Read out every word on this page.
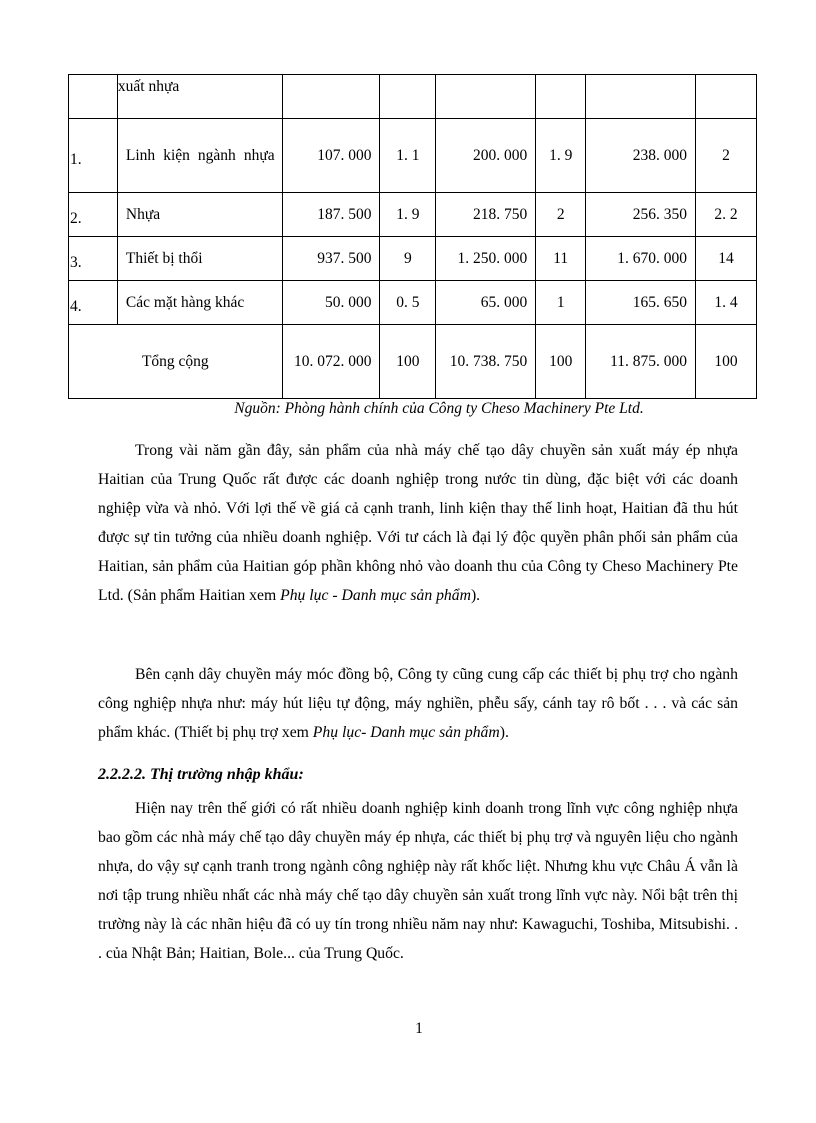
	xuất nhựa						
1.	Linh kiện ngành nhựa	107. 000	1. 1	200. 000	1. 9	238. 000	2
2.	Nhựa	187. 500	1. 9	218. 750	2	256. 350	2. 2
3.	Thiết bị thổi	937. 500	9	1. 250. 000	11	1. 670. 000	14
4.	Các mặt hàng khác	50. 000	0. 5	65. 000	1	165. 650	1. 4
Tổng cộng		10. 072. 000	100	10. 738. 750	100	11. 875. 000	100
Nguồn: Phòng hành chính của Công ty Cheso Machinery Pte Ltd.
Trong vài năm gần đây, sản phẩm của nhà máy chế tạo dây chuyền sản xuất máy ép nhựa Haitian của Trung Quốc rất được các doanh nghiệp trong nước tin dùng, đặc biệt với các doanh nghiệp vừa và nhỏ. Với lợi thế về giá cả cạnh tranh, linh kiện thay thế linh hoạt, Haitian đã thu hút được sự tin tưởng của nhiều doanh nghiệp. Với tư cách là đại lý độc quyền phân phối sản phẩm của Haitian, sản phẩm của Haitian góp phần không nhỏ vào doanh thu của Công ty Cheso Machinery Pte Ltd. (Sản phẩm Haitian xem Phụ lục - Danh mục sản phẩm).
Bên cạnh dây chuyền máy móc đồng bộ, Công ty cũng cung cấp các thiết bị phụ trợ cho ngành công nghiệp nhựa như: máy hút liệu tự động, máy nghiền, phễu sấy, cánh tay rô bốt . . . và các sản phẩm khác. (Thiết bị phụ trợ xem Phụ lục- Danh mục sản phẩm).
2.2.2.2. Thị trường nhập khẩu:
Hiện nay trên thế giới có rất nhiều doanh nghiệp kinh doanh trong lĩnh vực công nghiệp nhựa bao gồm các nhà máy chế tạo dây chuyền máy ép nhựa, các thiết bị phụ trợ và nguyên liệu cho ngành nhựa, do vậy sự cạnh tranh trong ngành công nghiệp này rất khốc liệt. Nhưng khu vực Châu Á vẫn là nơi tập trung nhiều nhất các nhà máy chế tạo dây chuyền sản xuất trong lĩnh vực này. Nổi bật trên thị trường này là các nhãn hiệu đã có uy tín trong nhiều năm nay như: Kawaguchi, Toshiba, Mitsubishi. . . của Nhật Bản; Haitian, Bole... của Trung Quốc.
1
